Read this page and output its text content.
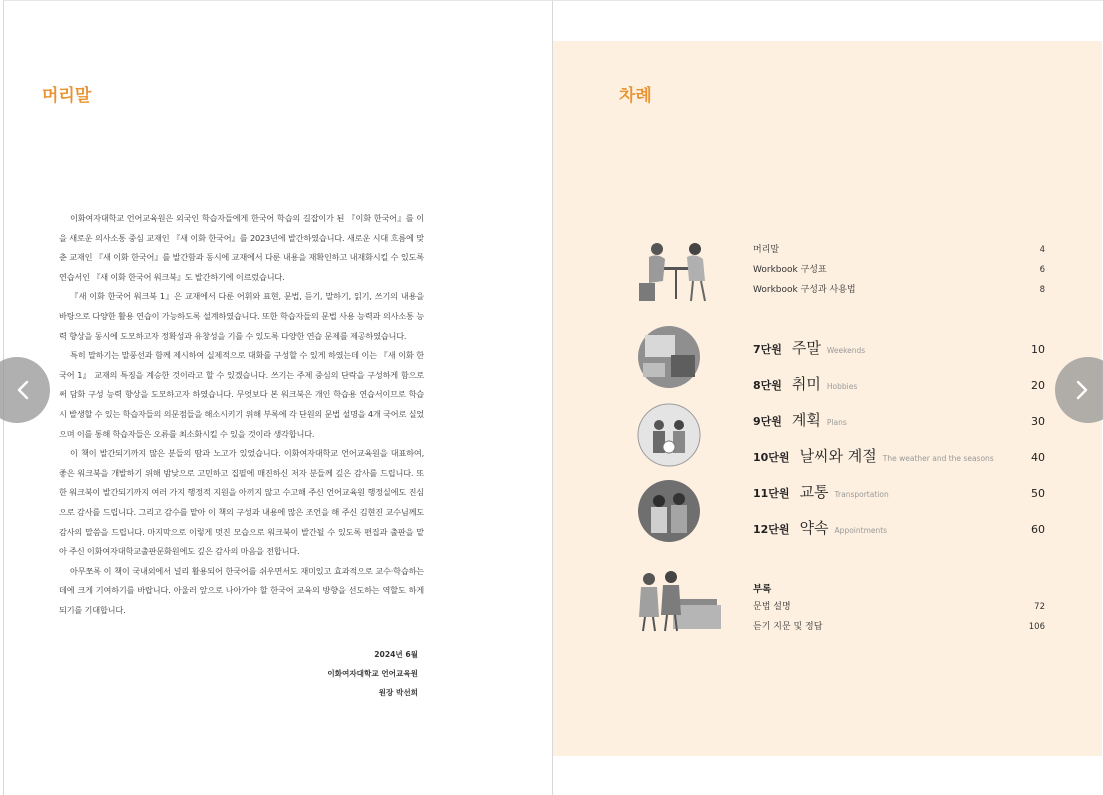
머리말

이화여자대학교 언어교육원은 외국인 학습자들에게 한국어 학습의 길잡이가 된 『이화 한국어』를 이을 새로운 의사소통 중심 교재인 『새 이화 한국어』를 2023년에 발간하였습니다. 새로운 시대 흐름에 맞춘 교재인 『새 이화 한국어』를 발간함과 동시에 교재에서 다룬 내용을 재확인하고 내재화시킬 수 있도록 연습서인 『새 이화 한국어 워크북』도 발간하기에 이르렀습니다.

『새 이화 한국어 워크북 1』은 교재에서 다룬 어휘와 표현, 문법, 듣기, 말하기, 읽기, 쓰기의 내용을 바탕으로 다양한 활용 연습이 가능하도록 설계하였습니다. 또한 학습자들의 문법 사용 능력과 의사소통 능력 향상을 동시에 도모하고자 정확성과 유창성을 기를 수 있도록 다양한 연습 문제를 제공하였습니다.

특히 말하기는 말풍선과 함께 제시하여 실제적으로 대화를 구성할 수 있게 하였는데 이는 『새 이화 한국어 1』 교재의 특징을 계승한 것이라고 할 수 있겠습니다. 쓰기는 주제 중심의 단락을 구성하게 함으로써 담화 구성 능력 향상을 도모하고자 하였습니다. 무엇보다 본 워크북은 개인 학습용 연습서이므로 학습 시 발생할 수 있는 학습자들의 의문점들을 해소시키기 위해 부록에 각 단원의 문법 설명을 4개 국어로 실었으며 이를 통해 학습자들은 오류를 최소화시킬 수 있을 것이라 생각합니다.

이 책이 발간되기까지 많은 분들의 땀과 노고가 있었습니다. 이화여자대학교 언어교육원을 대표하여, 좋은 워크북을 개발하기 위해 밤낮으로 고민하고 집필에 매진하신 저자 분들께 깊은 감사를 드립니다. 또한 워크북이 발간되기까지 여러 가지 행정적 지원을 아끼지 않고 수고해 주신 언어교육원 행정실에도 진심으로 감사를 드립니다. 그리고 감수를 맡아 이 책의 구성과 내용에 많은 조언을 해 주신 김현진 교수님께도 감사의 말씀을 드립니다. 마지막으로 이렇게 멋진 모습으로 워크북이 발간될 수 있도록 편집과 출판을 맡아 주신 이화여자대학교출판문화원에도 깊은 감사의 마음을 전합니다.

아무쪼록 이 책이 국내외에서 널리 활용되어 한국어를 쉬우면서도 재미있고 효과적으로 교수·학습하는 데에 크게 기여하기를 바랍니다. 아울러 앞으로 나아가야 할 한국어 교육의 방향을 선도하는 역할도 하게 되기를 기대합니다.

2024년 6월
이화여자대학교 언어교육원
원장 박선희
차례
머리말	4
Workbook 구성표	6
Workbook 구성과 사용법	8
7단원 주말 Weekends	10
8단원 취미 Hobbies	20
9단원 계획 Plans	30
10단원 날씨와 계절 The weather and the seasons	40
11단원 교통 Transportation	50
12단원 약속 Appointments	60
부록
문법 설명	72
듣기 지문 및 정답	106
